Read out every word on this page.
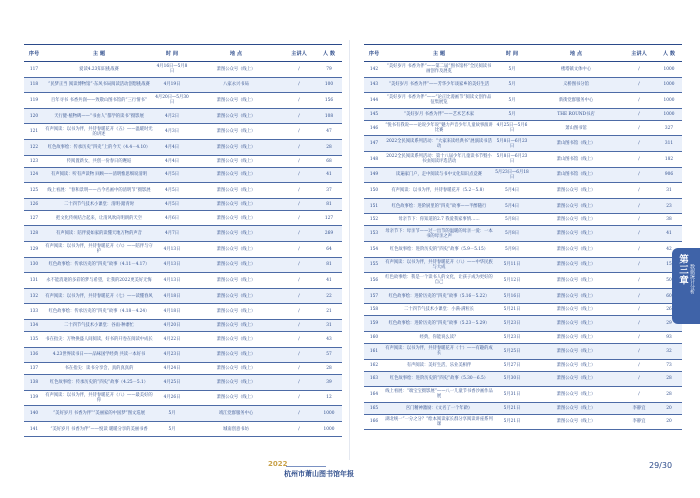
序号	主 题	时 间	地 点	主讲人	人 数
117	爱读4.23知识挑战赛	4月16日—5月8日	萧图公众号（线上）	/	79
118	“民梦正当 阅读博物馆”·东风书局阅读活动创想挑战赛	4月19日	八家永兴书局	/	100
119	百年寻书 书香共润——致敬山图书馆的“三行情书”	4月20日—5月30日	萧图公众号（线上）	/	156
120	天行健·植物碑——“书由人”都学的读书”摄影展	4月2日	萧图公众号（线上）	/	108
121	有声阅读：以书为伴，共待春暖花开（五）——温暖时光的讲述	4月3日	萧图公众号（线上）	/	47
122	红色故事绘：传承历史“四史”上的今天（4.4－4.10）	4月4日	萧图公众号（线上）	/	28
123	传阅置新女，共创一份春日的邂逅	4月4日	萧图公众号（线上）	/	68
124	有声阅读：听有声读物 回顾——清明惟思细说清明	4月5日	萧图公众号（线上）	/	41
125	线上看展：“春和景明——古今名画中的清明节”摄影展	4月5日	萧图公众号（线上）	/	37
126	二十四节气技术小课堂：清明·踏青时	4月5日	萧图公众号（线上）	/	81
127	把文化传统结合起来，让清风吹向明朗的天空	4月6日	萧图公众号（线上）	/	127
128	有声阅读：陪伴爱如家的读懂天地万物的声音	4月7日	萧图公众号（线上）	/	269
129	有声阅读：以书为伴，共待春暖花开（六）——陪伴与守护	4月13日	萧图公众号（线上）	/	64
130	红色故事绘：传承历史的“四史”故事（4.11－4.17）	4月13日	萧图公众号（线上）	/	81
131	永不能消逝的多彩的梦与希望，让我的2022更美好无悔	4月13日	萧图公众号（线上）	/	41
132	有声阅读：以书为伴，共待春暖花开（七）——读懂春风	4月18日	萧图公众号（线上）	/	22
133	红色故事绘：传承历史的“四史”故事（4.18－4.24）	4月18日	萧图公众号（线上）	/	21
134	二十四节气技术小课堂：谷雨·种黍忙	4月20日	萧图公众号（线上）	/	31
135	书在指尖：万物换盛人间阅读，好书的开卷在阅读中成长	4月22日	萧图公众号（线上）	/	43
136	4.23世界读书日——品味国学经典 共读一本好书	4月23日	萧图公众号（线上）	/	57
137	书在指尖：读书分享会，真的真真的	4月24日	萧图公众号（线上）	/	28
138	红色故事绘：传承历史的“四史”故事（4.25－5.1）	4月25日	萧图公众号（线上）	/	39
139	有声阅读：以书为伴，共待春暖花开（八）——最美好的你	4月26日	萧图公众号（线上）	/	12
140	“美好岁月 书香为伴”“美丽家的中国梦”图文巡展	5月	靖江党群服务中心	/	1000
141	“美好岁月 书香为伴”——悦读 暖暖分享的美丽书香	5月	城南创意书坊	/	1000
序号	主 题	时 间	地 点	主讲人	人 数
142	“美好岁月 书香为伴”——第二届“图书馆杯”全民阅读书画创作及展览	5月	楼塔镇文体中心	/	1000
143	“美好岁月 书香为伴”——芳华少年谈家乡的美好生活	5月	义桥图书分馆	/	1000
144	“美好岁月 书香为伴”——“论正比漫画节”阅读文创作品征集展览	5月	新街党群服务中心	/	1000
145	“美好岁月 书香为伴”——艺术艺术家	5月	THE ROUND书店	/	1000
146	“悦书有我说——论说少年说”魅力声音少年儿童故事演讲比赛	4月25日—5月6日	萧山图书馆	/	327
147	2022全民阅读系列活动：“大家来读经典书”展演读书活动	5月8日—6月23日	萧山图书馆（线上）	/	311
148	2022全民阅读系列活动：第十八届少年儿童读书节暨小书虫阅读评选活动	5月8日—6月23日	萧山图书馆（线上）	/	182
149	读遍家门户，走中阅读与书中文化知识点竞赛	5月23日—6月18日	萧山图书馆（线上）	/	906
150	有声阅读：以书为伴，共待春暖花开（5.2－5.8）	5月4日	萧图公众号（线上）	/	31
151	红色故事绘：进阶厨里的“四史”故事——半醉随行	5月4日	萧图公众号（线上）	/	23
152	母亲节下：你知道的2.7 我爱我家事情……	5月8日	萧图公众号（线上）	/	38
153	母亲节下：母亲节——过一出节的温暖的母亲一爱：一本书的母亲之声	5月8日	萧图公众号（线上）	/	41
154	红色故事绘：进阶历史的“四史”故事（5.9－5.15）	5月9日	萧图公众号（线上）	/	42
155	有声阅读：以书为伴，共待春暖花开（八）——中华民族与大成	5月11日	萧图公众号（线上）	/	15
156	红色故事绘：我是一个读书人的文化，让孩子成为更好的自己	5月12日	萧图公众号（线上）	/	50
157	红色故事绘：进阶历史的“四史”故事（5.16－5.22）	5月16日	萧图公众号（线上）	/	60
158	二十四节气技术小课堂：小满·满粒长	5月21日	萧图公众号（线上）	/	26
159	红色故事绘：进阶历史的“四史”故事（5.23－5.29）	5月23日	萧图公众号（线上）	/	29
160	经典，你能说么读？	5月23日	萧图公众号（线上）	/	93
161	有声阅读：以书为伴，共待春暖花开（十）——有趣的成长	5月25日	萧图公众号（线上）	/	32
162	有声阅读：美好生活，乐业美相伴	5月27日	萧图公众号（线上）	/	73
163	红色故事绘：进阶历史的“四史”故事（5.30－6.5）	5月30日	萧图公众号（线上）	/	28
164	线上看展：“端宝宝摄影展”——八一儿童节书香沙画作品展	5月31日	萧图公众号（线上）	/	28
165	宫门精神激励：《文名了一个年龄》	5月21日	萧图公众号（线上）	李静宜	20
166	湖北统一“一分之分？”绘本阅读家长群分享阅读讲座系列课	5月21日	萧图公众号（线上）	李静宜	20
2022
杭州市萧山图书馆年报
29/30
第三章 数据统计分析
